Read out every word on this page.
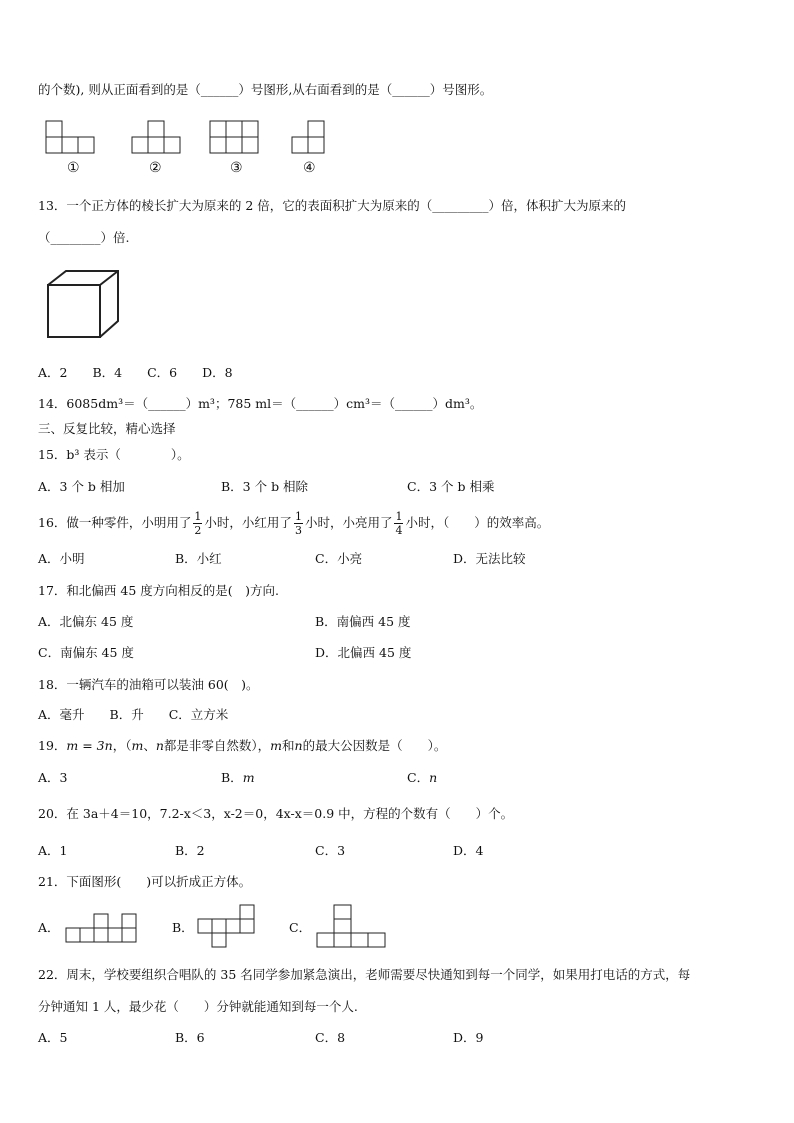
的个数), 则从正面看到的是（______）号图形,从右面看到的是（______）号图形。
①	②	③	④
13．一个正方体的棱长扩大为原来的 2 倍，它的表面积扩大为原来的（_________）倍，体积扩大为原来的
（________）倍.
A．2　　B．4　　C．6　　D．8
14．6085dm³＝（______）m³；785 ml＝（______）cm³＝（______）dm³。
三、反复比较，精心选择
15．b³ 表示（　　　　）。
A．3 个 b 相加	B．3 个 b 相除	C．3 个 b 相乘
16．做一种零件，小明用了 $\frac{1}{2}$ 小时，小红用了 $\frac{1}{3}$ 小时，小亮用了 $\frac{1}{4}$ 小时，（　　）的效率高。
A．小明	B．小红	C．小亮	D．无法比较
17．和北偏西 45 度方向相反的是(　)方向.
A．北偏东 45 度	B．南偏西 45 度
C．南偏东 45 度	D．北偏西 45 度
18．一辆汽车的油箱可以装油 60(　)。
A．毫升　　B．升　　C．立方米
19．m = 3n，（m、n都是非零自然数），m和n的最大公因数是（　　）。
A．3	B．m	C．n
20．在 3a＋4＝10，7.2-x＜3，x-2＝0，4x-x＝0.9 中，方程的个数有（　　）个。
A．1	B．2	C．3	D．4
21．下面图形(　　)可以折成正方体。
A．	B．	C．
22．周末，学校要组织合唱队的 35 名同学参加紧急演出，老师需要尽快通知到每一个同学，如果用打电话的方式，每
分钟通知 1 人，最少花（　　）分钟就能通知到每一个人.
A．5	B．6	C．8	D．9
